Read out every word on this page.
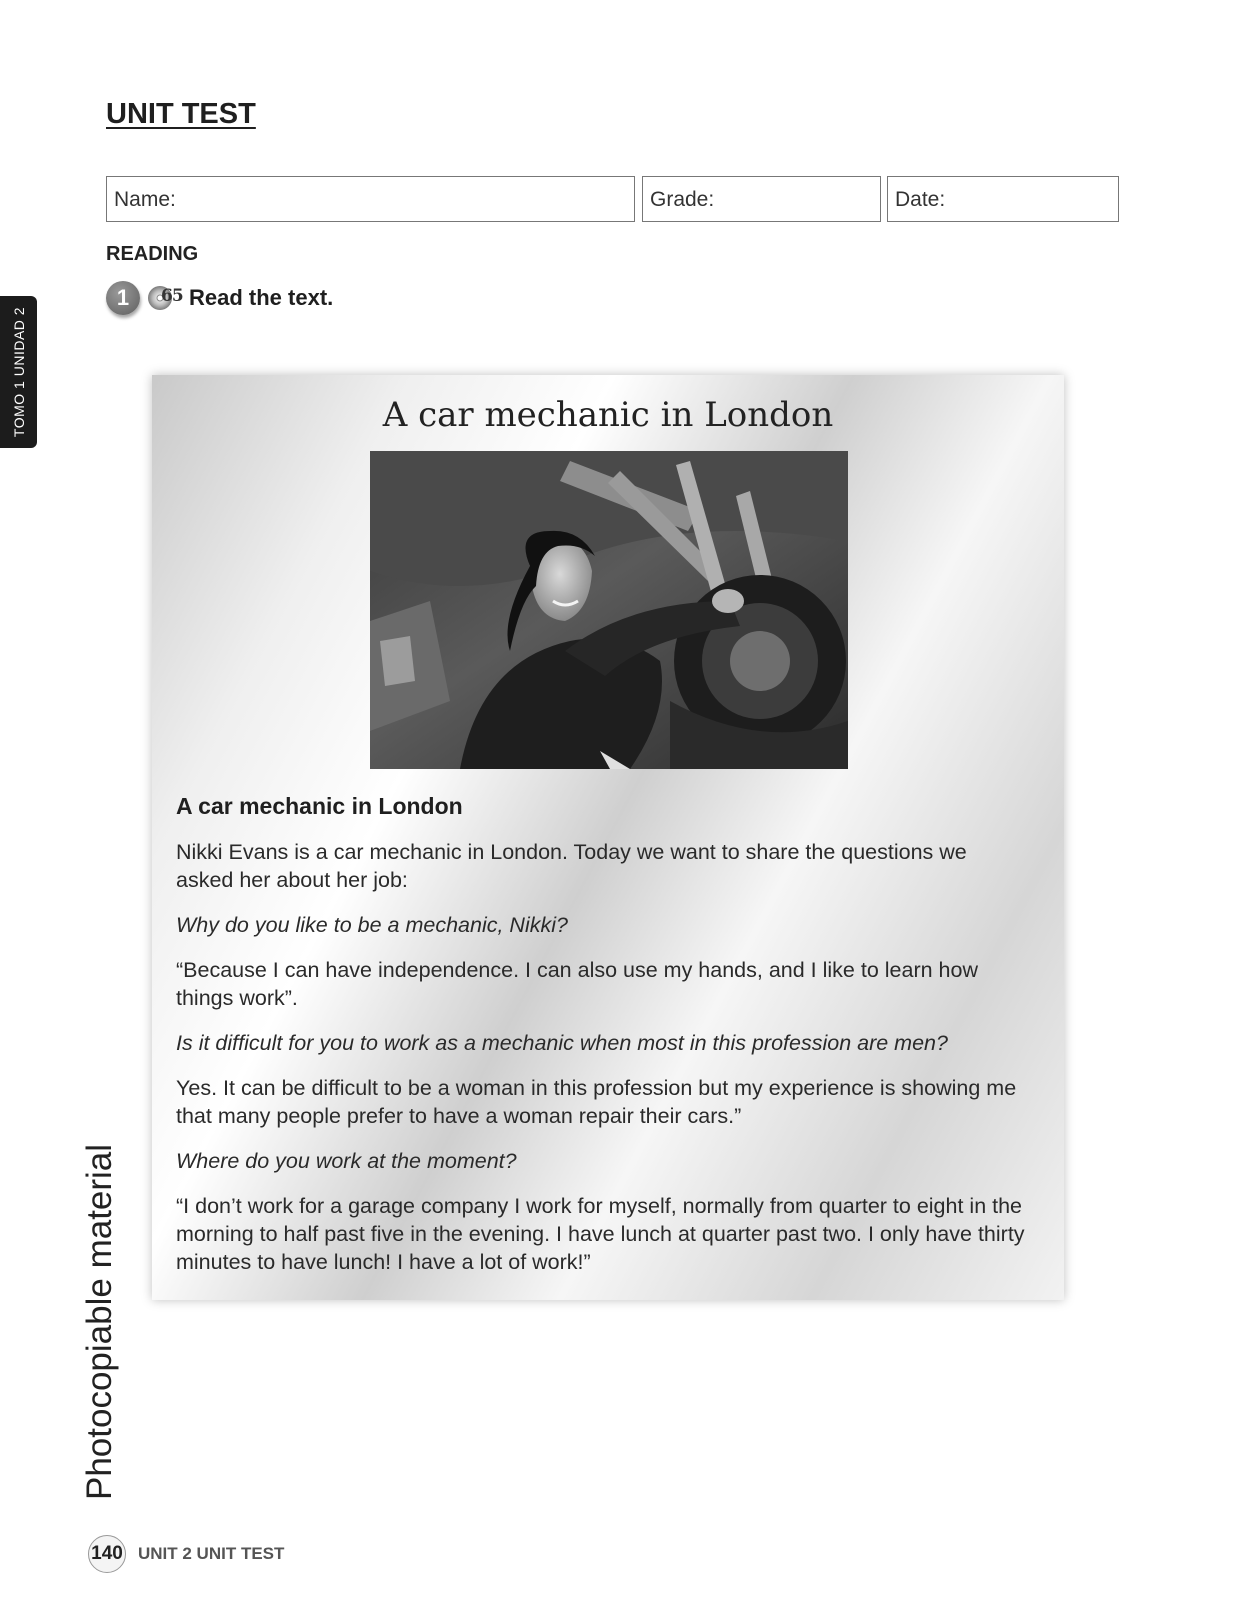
UNIT TEST
Name:	Grade:	Date:
TOMO 1 UNIDAD 2
READING
1	65 Read the text.
A car mechanic in London
A car mechanic in London

Nikki Evans is a car mechanic in London. Today we want to share the questions we asked her about her job:

Why do you like to be a mechanic, Nikki?

“Because I can have independence. I can also use my hands, and I like to learn how things work”.

Is it difficult for you to work as a mechanic when most in this profession are men?

Yes. It can be difficult to be a woman in this profession but my experience is showing me that many people prefer to have a woman repair their cars.”

Where do you work at the moment?

“I don’t work for a garage company I work for myself, normally from quarter to eight in the morning to half past five in the evening. I have lunch at quarter past two. I only have thirty minutes to have lunch! I have a lot of work!”

Photocopiable material
140 UNIT 2 UNIT TEST
